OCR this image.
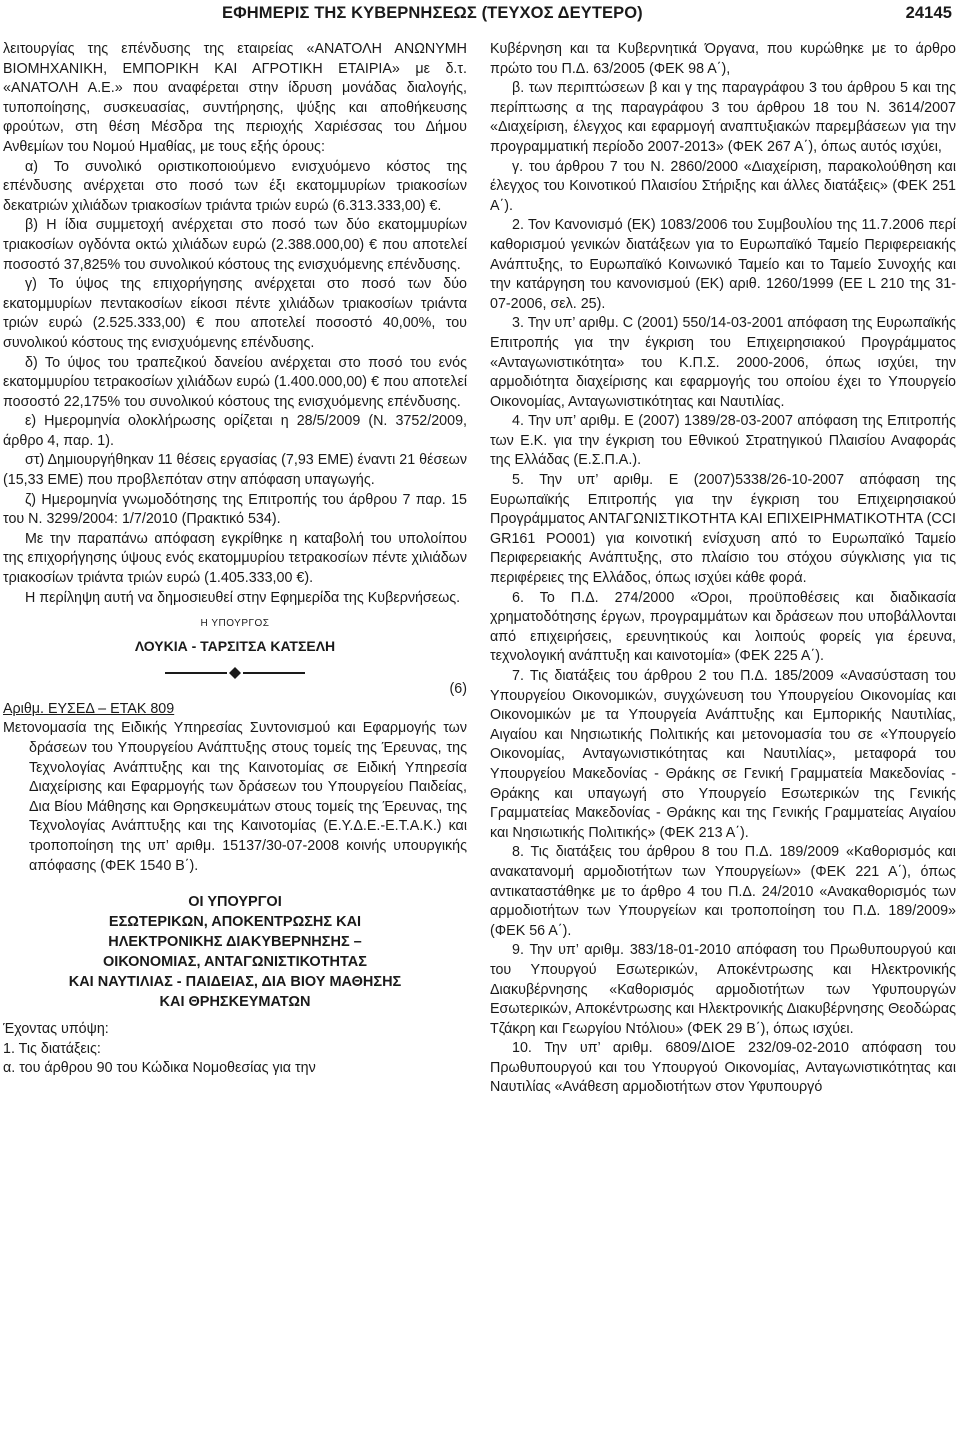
ΕΦΗΜΕΡΙΣ ΤΗΣ ΚΥΒΕΡΝΗΣΕΩΣ (ΤΕΥΧΟΣ ΔΕΥΤΕΡΟ)	24145

λειτουργίας της επένδυσης της εταιρείας «ΑΝΑΤΟΛΗ ΑΝΩΝΥΜΗ ΒΙΟΜΗΧΑΝΙΚΗ, ΕΜΠΟΡΙΚΗ ΚΑΙ ΑΓΡΟΤΙΚΗ ΕΤΑΙΡΙΑ» με δ.τ. «ΑΝΑΤΟΛΗ Α.Ε.» που αναφέρεται στην ίδρυση μονάδας διαλογής, τυποποίησης, συσκευασίας, συντήρησης, ψύξης και αποθήκευσης φρούτων, στη θέση Μέσδρα της περιοχής Χαριέσσας του Δήμου Ανθεμίων του Νομού Ημαθίας, με τους εξής όρους:

α) Το συνολικό οριστικοποιούμενο ενισχυόμενο κόστος της επένδυσης ανέρχεται στο ποσό των έξι εκατομμυρίων τριακοσίων δεκατριών χιλιάδων τριακοσίων τριάντα τριών ευρώ (6.313.333,00) €.

β) Η ίδια συμμετοχή ανέρχεται στο ποσό των δύο εκατομμυρίων τριακοσίων ογδόντα οκτώ χιλιάδων ευρώ (2.388.000,00) € που αποτελεί ποσοστό 37,825% του συνολικού κόστους της ενισχυόμενης επένδυσης.

γ) Το ύψος της επιχορήγησης ανέρχεται στο ποσό των δύο εκατομμυρίων πεντακοσίων είκοσι πέντε χιλιάδων τριακοσίων τριάντα τριών ευρώ (2.525.333,00) € που αποτελεί ποσοστό 40,00%, του συνολικού κόστους της ενισχυόμενης επένδυσης.

δ) Το ύψος του τραπεζικού δανείου ανέρχεται στο ποσό του ενός εκατομμυρίου τετρακοσίων χιλιάδων ευρώ (1.400.000,00) € που αποτελεί ποσοστό 22,175% του συνολικού κόστους της ενισχυόμενης επένδυσης.

ε) Ημερομηνία ολοκλήρωσης ορίζεται η 28/5/2009 (Ν. 3752/2009, άρθρο 4, παρ. 1).

στ) Δημιουργήθηκαν 11 θέσεις εργασίας (7,93 ΕΜΕ) έναντι 21 θέσεων (15,33 ΕΜΕ) που προβλεπόταν στην απόφαση υπαγωγής.

ζ) Ημερομηνία γνωμοδότησης της Επιτροπής του άρθρου 7 παρ. 15 του Ν. 3299/2004: 1/7/2010 (Πρακτικό 534).

Με την παραπάνω απόφαση εγκρίθηκε η καταβολή του υπολοίπου της επιχορήγησης ύψους ενός εκατομμυρίου τετρακοσίων πέντε χιλιάδων τριακοσίων τριάντα τριών ευρώ (1.405.333,00 €).

Η περίληψη αυτή να δημοσιευθεί στην Εφημερίδα της Κυβερνήσεως.

Η ΥΠΟΥΡΓΟΣ

ΛΟΥΚΙΑ - ΤΑΡΣΙΤΣΑ ΚΑΤΣΕΛΗ

(6)

Αριθμ. ΕΥΣΕΔ – ΕΤΑΚ 809

Μετονομασία της Ειδικής Υπηρεσίας Συντονισμού και Εφαρμογής των δράσεων του Υπουργείου Ανάπτυξης στους τομείς της Έρευνας, της Τεχνολογίας Ανάπτυξης και της Καινοτομίας σε Ειδική Υπηρεσία Διαχείρισης και Εφαρμογής των δράσεων του Υπουργείου Παιδείας, Δια Βίου Μάθησης και Θρησκευμάτων στους τομείς της Έρευνας, της Τεχνολογίας Ανάπτυξης και της Καινοτομίας (Ε.Υ.Δ.Ε.-Ε.Τ.Α.Κ.) και τροποποίηση της υπ’ αριθμ. 15137/30-07-2008 κοινής υπουργικής απόφασης (ΦΕΚ 1540 Β΄).

ΟΙ ΥΠΟΥΡΓΟΙ
ΕΣΩΤΕΡΙΚΩΝ, ΑΠΟΚΕΝΤΡΩΣΗΣ ΚΑΙ
ΗΛΕΚΤΡΟΝΙΚΗΣ ΔΙΑΚΥΒΕΡΝΗΣΗΣ –
ΟΙΚΟΝΟΜΙΑΣ, ΑΝΤΑΓΩΝΙΣΤΙΚΟΤΗΤΑΣ
ΚΑΙ ΝΑΥΤΙΛΙΑΣ - ΠΑΙΔΕΙΑΣ, ΔΙΑ ΒΙΟΥ ΜΑΘΗΣΗΣ
ΚΑΙ ΘΡΗΣΚΕΥΜΑΤΩΝ

Έχοντας υπόψη:

1. Τις διατάξεις:

α. του άρθρου 90 του Κώδικα Νομοθεσίας για την

Κυβέρνηση και τα Κυβερνητικά Όργανα, που κυρώθηκε με το άρθρο πρώτο του Π.Δ. 63/2005 (ΦΕΚ 98 Α΄),

β. των περιπτώσεων β και γ της παραγράφου 3 του άρθρου 5 και της περίπτωσης α της παραγράφου 3 του άρθρου 18 του Ν. 3614/2007 «Διαχείριση, έλεγχος και εφαρμογή αναπτυξιακών παρεμβάσεων για την προγραμματική περίοδο 2007-2013» (ΦΕΚ 267 Α΄), όπως αυτός ισχύει,

γ. του άρθρου 7 του Ν. 2860/2000 «Διαχείριση, παρακολούθηση και έλεγχος του Κοινοτικού Πλαισίου Στήριξης και άλλες διατάξεις» (ΦΕΚ 251 Α΄).

2. Τον Κανονισμό (ΕΚ) 1083/2006 του Συμβουλίου της 11.7.2006 περί καθορισμού γενικών διατάξεων για το Ευρωπαϊκό Ταμείο Περιφερειακής Ανάπτυξης, το Ευρωπαϊκό Κοινωνικό Ταμείο και το Ταμείο Συνοχής και την κατάργηση του κανονισμού (ΕΚ) αριθ. 1260/1999 (ΕΕ L 210 της 31-07-2006, σελ. 25).

3. Την υπ’ αριθμ. C (2001) 550/14-03-2001 απόφαση της Ευρωπαϊκής Επιτροπής για την έγκριση του Επιχειρησιακού Προγράμματος «Ανταγωνιστικότητα» του Κ.Π.Σ. 2000-2006, όπως ισχύει, την αρμοδιότητα διαχείρισης και εφαρμογής του οποίου έχει το Υπουργείο Οικονομίας, Ανταγωνιστικότητας και Ναυτιλίας.

4. Την υπ’ αριθμ. Ε (2007) 1389/28-03-2007 απόφαση της Επιτροπής των Ε.Κ. για την έγκριση του Εθνικού Στρατηγικού Πλαισίου Αναφοράς της Ελλάδας (Ε.Σ.Π.Α.).

5. Την υπ’ αριθμ. Ε (2007)5338/26-10-2007 απόφαση της Ευρωπαϊκής Επιτροπής για την έγκριση του Επιχειρησιακού Προγράμματος ΑΝΤΑΓΩΝΙΣΤΙΚΟΤΗΤΑ ΚΑΙ ΕΠΙΧΕΙΡΗΜΑΤΙΚΟΤΗΤΑ (CCI GR161 PO001) για κοινοτική ενίσχυση από το Ευρωπαϊκό Ταμείο Περιφερειακής Ανάπτυξης, στο πλαίσιο του στόχου σύγκλισης για τις περιφέρειες της Ελλάδος, όπως ισχύει κάθε φορά.

6. Το Π.Δ. 274/2000 «Όροι, προϋποθέσεις και διαδικασία χρηματοδότησης έργων, προγραμμάτων και δράσεων που υποβάλλονται από επιχειρήσεις, ερευνητικούς και λοιπούς φορείς για έρευνα, τεχνολογική ανάπτυξη και καινοτομία» (ΦΕΚ 225 Α΄).

7. Τις διατάξεις του άρθρου 2 του Π.Δ. 185/2009 «Ανασύσταση του Υπουργείου Οικονομικών, συγχώνευση του Υπουργείου Οικονομίας και Οικονομικών με τα Υπουργεία Ανάπτυξης και Εμπορικής Ναυτιλίας, Αιγαίου και Νησιωτικής Πολιτικής και μετονομασία του σε «Υπουργείο Οικονομίας, Ανταγωνιστικότητας και Ναυτιλίας», μεταφορά του Υπουργείου Μακεδονίας - Θράκης σε Γενική Γραμματεία Μακεδονίας - Θράκης και υπαγωγή στο Υπουργείο Εσωτερικών της Γενικής Γραμματείας Μακεδονίας - Θράκης και της Γενικής Γραμματείας Αιγαίου και Νησιωτικής Πολιτικής» (ΦΕΚ 213 Α΄).

8. Τις διατάξεις του άρθρου 8 του Π.Δ. 189/2009 «Καθορισμός και ανακατανομή αρμοδιοτήτων των Υπουργείων» (ΦΕΚ 221 Α΄), όπως αντικαταστάθηκε με το άρθρο 4 του Π.Δ. 24/2010 «Ανακαθορισμός των αρμοδιοτήτων των Υπουργείων και τροποποίηση του Π.Δ. 189/2009» (ΦΕΚ 56 Α΄).

9. Την υπ’ αριθμ. 383/18-01-2010 απόφαση του Πρωθυπουργού και του Υπουργού Εσωτερικών, Αποκέντρωσης και Ηλεκτρονικής Διακυβέρνησης «Καθορισμός αρμοδιοτήτων των Υφυπουργών Εσωτερικών, Αποκέντρωσης και Ηλεκτρονικής Διακυβέρνησης Θεοδώρας Τζάκρη και Γεωργίου Ντόλιου» (ΦΕΚ 29 Β΄), όπως ισχύει.

10. Την υπ’ αριθμ. 6809/ΔΙΟΕ 232/09-02-2010 απόφαση του Πρωθυπουργού και του Υπουργού Οικονομίας, Ανταγωνιστικότητας και Ναυτιλίας «Ανάθεση αρμοδιοτήτων στον Υφυπουργό
